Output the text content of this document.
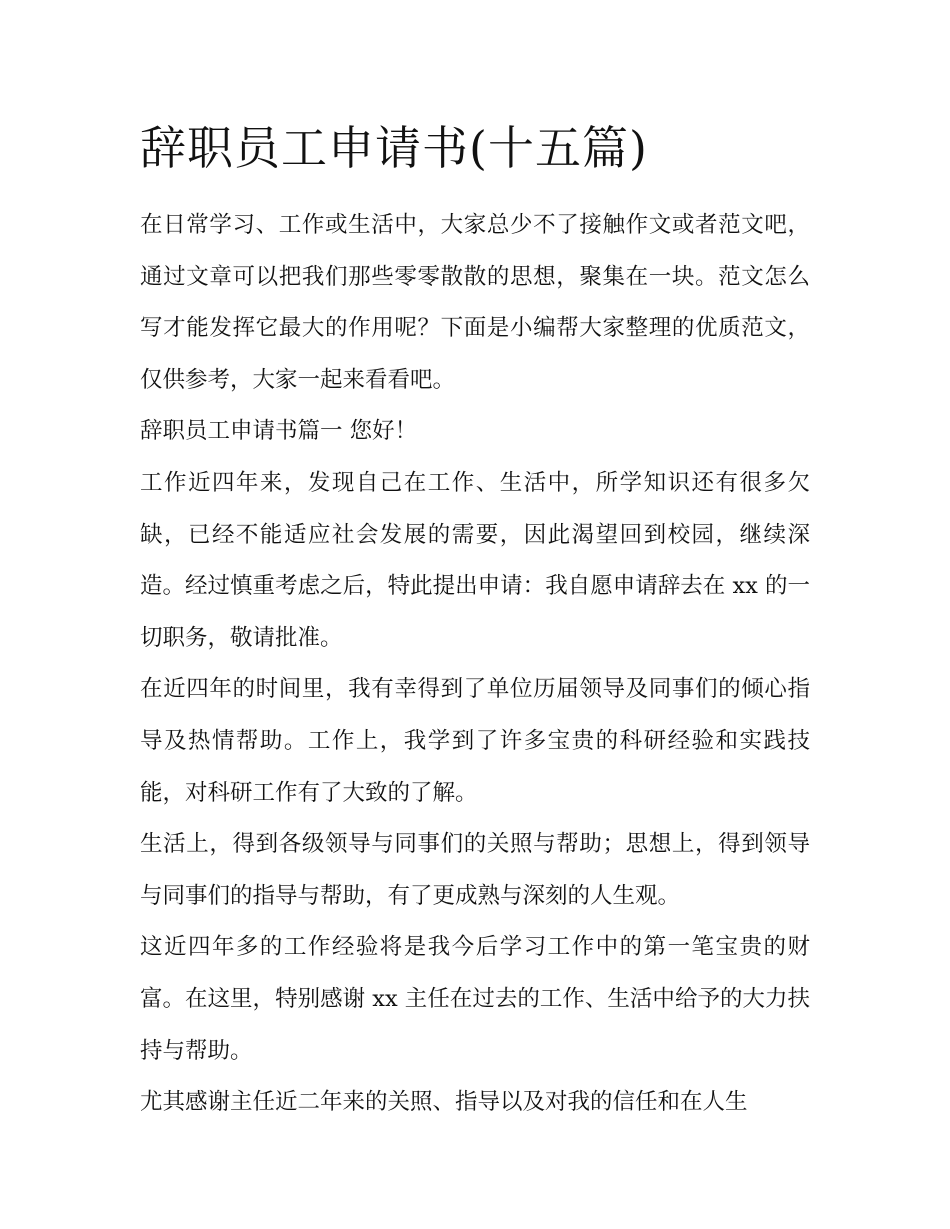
辞职员工申请书(十五篇)

在日常学习、工作或生活中，大家总少不了接触作文或者范文吧，通过文章可以把我们那些零零散散的思想，聚集在一块。范文怎么写才能发挥它最大的作用呢？下面是小编帮大家整理的优质范文，仅供参考，大家一起来看看吧。

辞职员工申请书篇一 您好！

工作近四年来，发现自己在工作、生活中，所学知识还有很多欠缺，已经不能适应社会发展的需要，因此渴望回到校园，继续深造。经过慎重考虑之后，特此提出申请：我自愿申请辞去在 xx 的一切职务，敬请批准。

在近四年的时间里，我有幸得到了单位历届领导及同事们的倾心指导及热情帮助。工作上，我学到了许多宝贵的科研经验和实践技能，对科研工作有了大致的了解。

生活上，得到各级领导与同事们的关照与帮助；思想上，得到领导与同事们的指导与帮助，有了更成熟与深刻的人生观。

这近四年多的工作经验将是我今后学习工作中的第一笔宝贵的财富。在这里，特别感谢 xx 主任在过去的工作、生活中给予的大力扶持与帮助。

尤其感谢主任近二年来的关照、指导以及对我的信任和在人生
